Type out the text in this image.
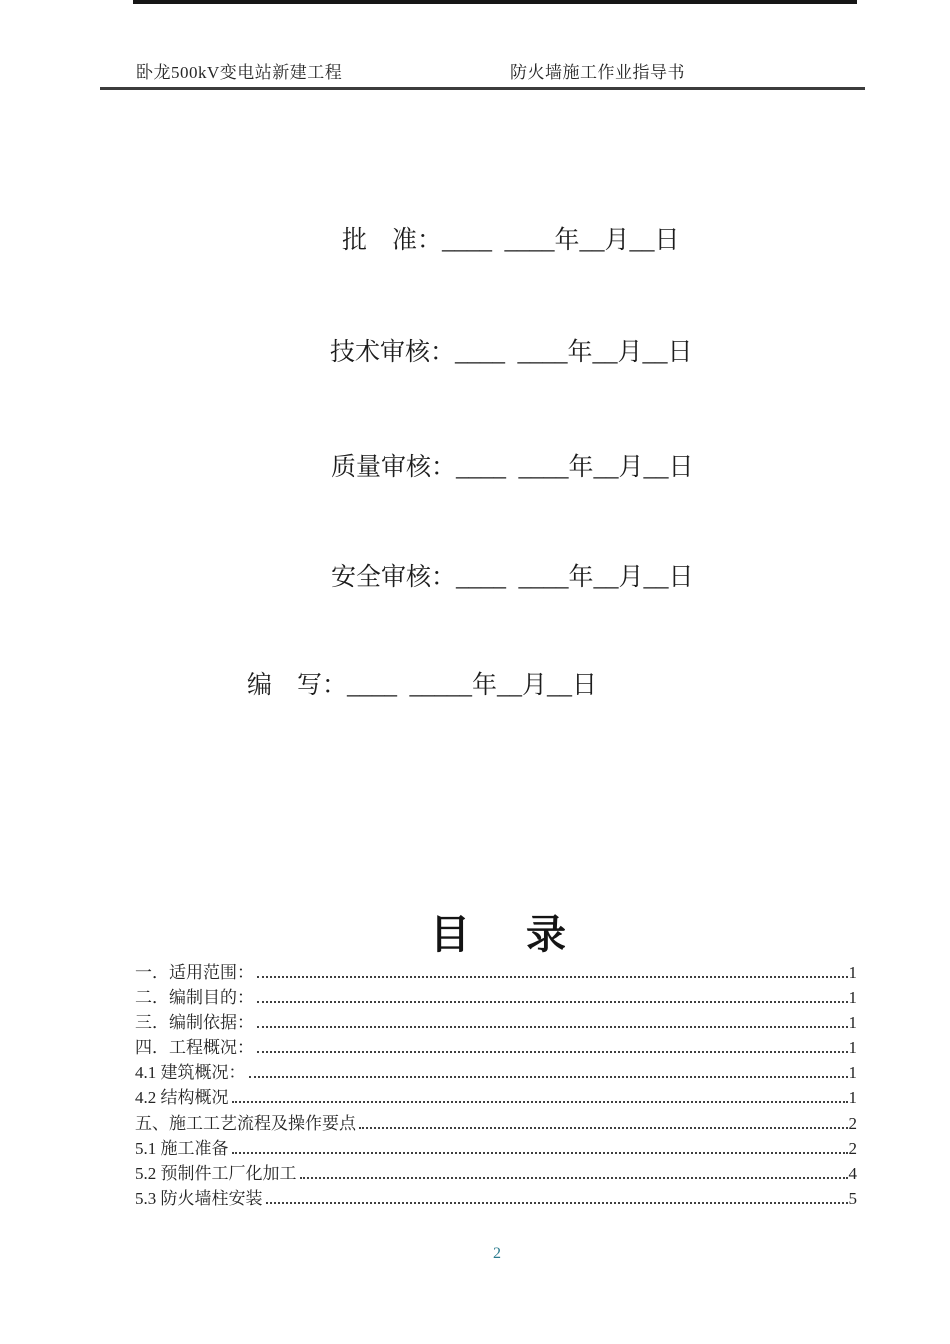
卧龙500kV变电站新建工程	防火墙施工作业指导书
批　准：____  ____年__月__日
技术审核：____  ____年__月__日
质量审核：____  ____年__月__日
安全审核：____  ____年__月__日
编　写：____  _____年__月__日
目　录
一．适用范围：	1
二．编制目的：	1
三．编制依据：	1
四．工程概况：	1
4.1 建筑概况：	1
4.2 结构概况	1
五、施工工艺流程及操作要点	2
5.1 施工准备	2
5.2 预制件工厂化加工	4
5.3 防火墙柱安装	5
2
